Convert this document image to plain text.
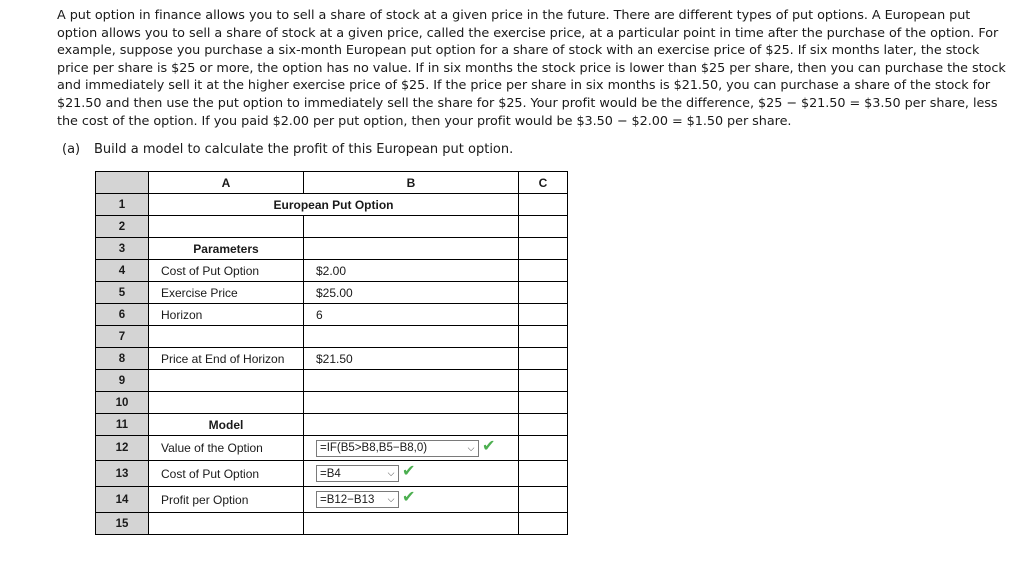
A put option in finance allows you to sell a share of stock at a given price in the future. There are different types of put options. A European put
option allows you to sell a share of stock at a given price, called the exercise price, at a particular point in time after the purchase of the option. For
example, suppose you purchase a six-month European put option for a share of stock with an exercise price of $25. If six months later, the stock
price per share is $25 or more, the option has no value. If in six months the stock price is lower than $25 per share, then you can purchase the stock
and immediately sell it at the higher exercise price of $25. If the price per share in six months is $21.50, you can purchase a share of the stock for
$21.50 and then use the put option to immediately sell the share for $25. Your profit would be the difference, $25 − $21.50 = $3.50 per share, less
the cost of the option. If you paid $2.00 per put option, then your profit would be $3.50 − $2.00 = $1.50 per share.

(a) Build a model to calculate the profit of this European put option.
	A	B	C
1	European Put Option		
2			
3	Parameters		
4	Cost of Put Option	$2.00	
5	Exercise Price	$25.00	
6	Horizon	6	
7			
8	Price at End of Horizon	$21.50	
9			
10			
11	Model		
12	Value of the Option	=IF(B5>B8,B5−B8,0) ⌵ ✔	

13	Cost of Put Option	=B4 ⌵ ✔	

14	Profit per Option	=B12−B13 ⌵ ✔	

15			
